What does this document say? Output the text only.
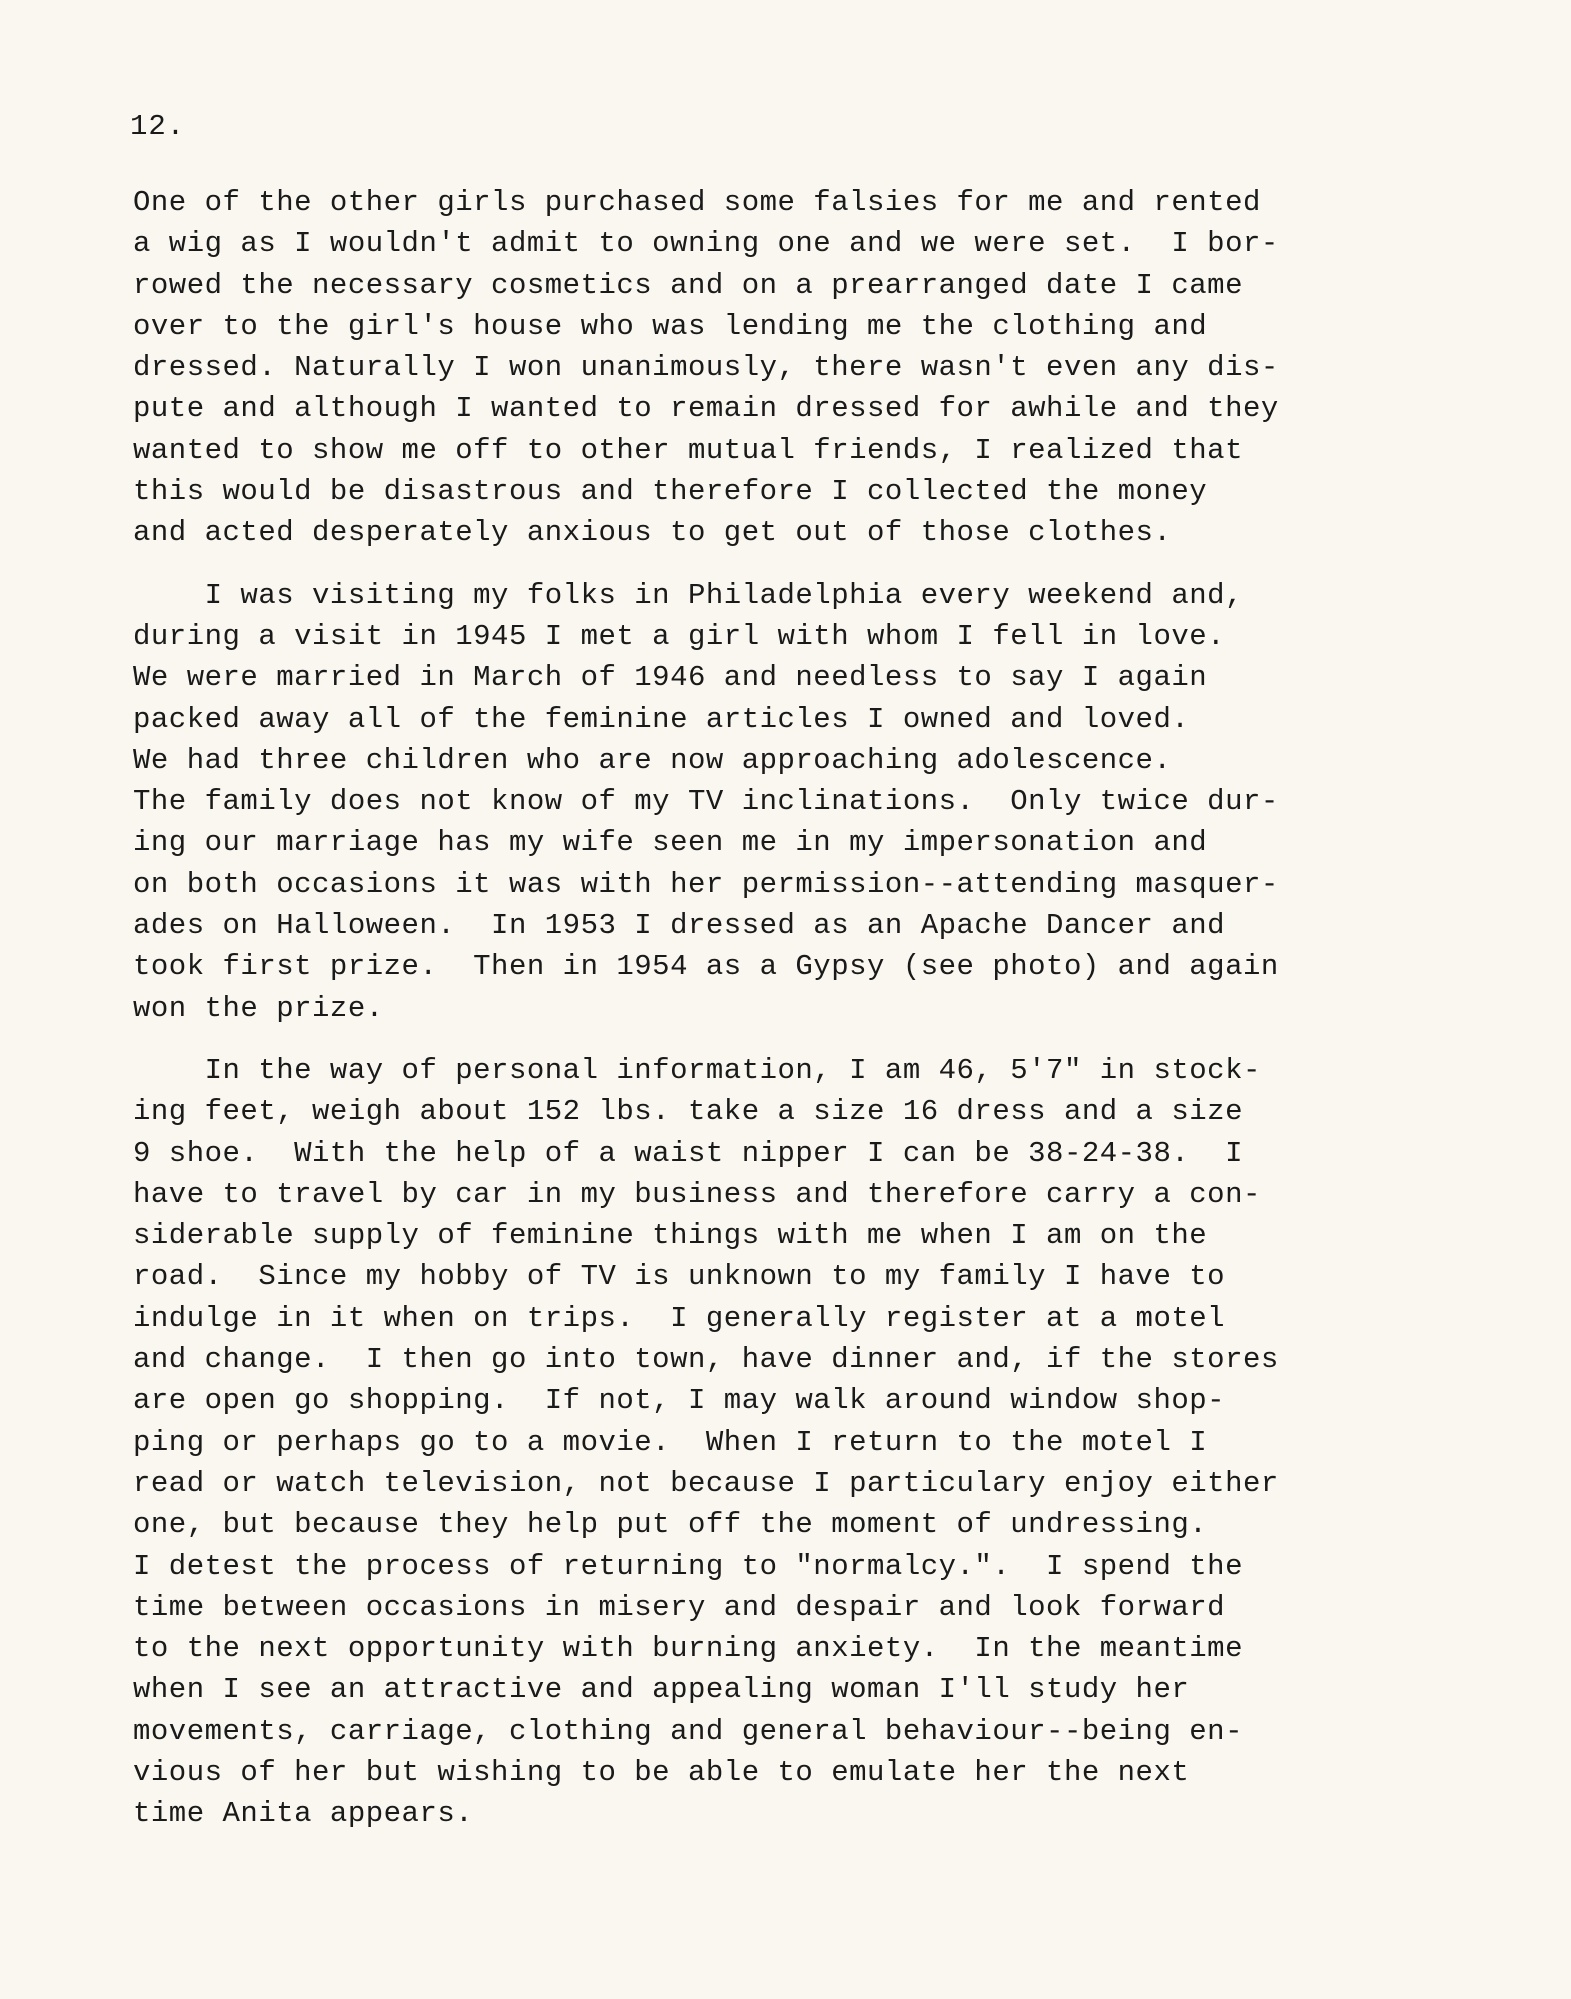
12.

One of the other girls purchased some falsies for me and rented
a wig as I wouldn't admit to owning one and we were set.  I bor-
rowed the necessary cosmetics and on a prearranged date I came
over to the girl's house who was lending me the clothing and
dressed. Naturally I won unanimously, there wasn't even any dis-
pute and although I wanted to remain dressed for awhile and they
wanted to show me off to other mutual friends, I realized that
this would be disastrous and therefore I collected the money
and acted desperately anxious to get out of those clothes.

I was visiting my folks in Philadelphia every weekend and,
during a visit in 1945 I met a girl with whom I fell in love.
We were married in March of 1946 and needless to say I again
packed away all of the feminine articles I owned and loved.
We had three children who are now approaching adolescence.
The family does not know of my TV inclinations.  Only twice dur-
ing our marriage has my wife seen me in my impersonation and
on both occasions it was with her permission--attending masquer-
ades on Halloween.  In 1953 I dressed as an Apache Dancer and
took first prize.  Then in 1954 as a Gypsy (see photo) and again
won the prize.

In the way of personal information, I am 46, 5'7" in stock-
ing feet, weigh about 152 lbs. take a size 16 dress and a size
9 shoe.  With the help of a waist nipper I can be 38-24-38.  I
have to travel by car in my business and therefore carry a con-
siderable supply of feminine things with me when I am on the
road.  Since my hobby of TV is unknown to my family I have to
indulge in it when on trips.  I generally register at a motel
and change.  I then go into town, have dinner and, if the stores
are open go shopping.  If not, I may walk around window shop-
ping or perhaps go to a movie.  When I return to the motel I
read or watch television, not because I particulary enjoy either
one, but because they help put off the moment of undressing.
I detest the process of returning to "normalcy.".  I spend the
time between occasions in misery and despair and look forward
to the next opportunity with burning anxiety.  In the meantime
when I see an attractive and appealing woman I'll study her
movements, carriage, clothing and general behaviour--being en-
vious of her but wishing to be able to emulate her the next
time Anita appears.
